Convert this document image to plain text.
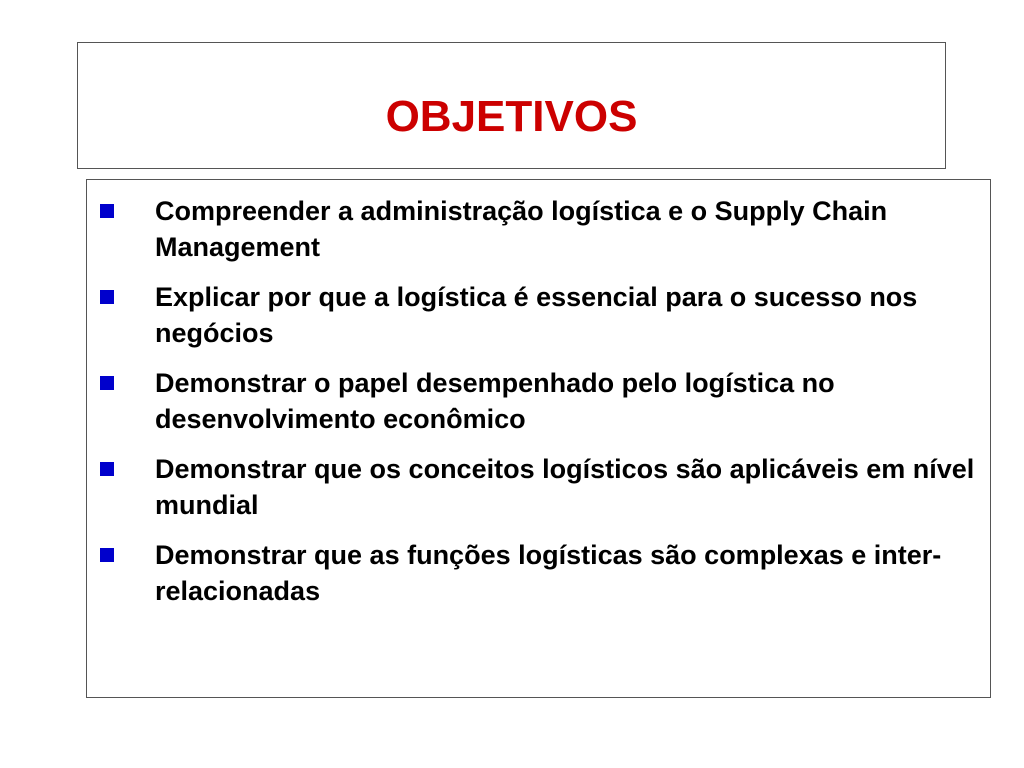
OBJETIVOS
Compreender a administração logística e o Supply Chain Management
Explicar por que a logística é essencial para o sucesso nos negócios
Demonstrar o papel desempenhado pelo logística no desenvolvimento econômico
Demonstrar que os conceitos logísticos são aplicáveis em nível mundial
Demonstrar que as funções logísticas são complexas e inter-relacionadas
